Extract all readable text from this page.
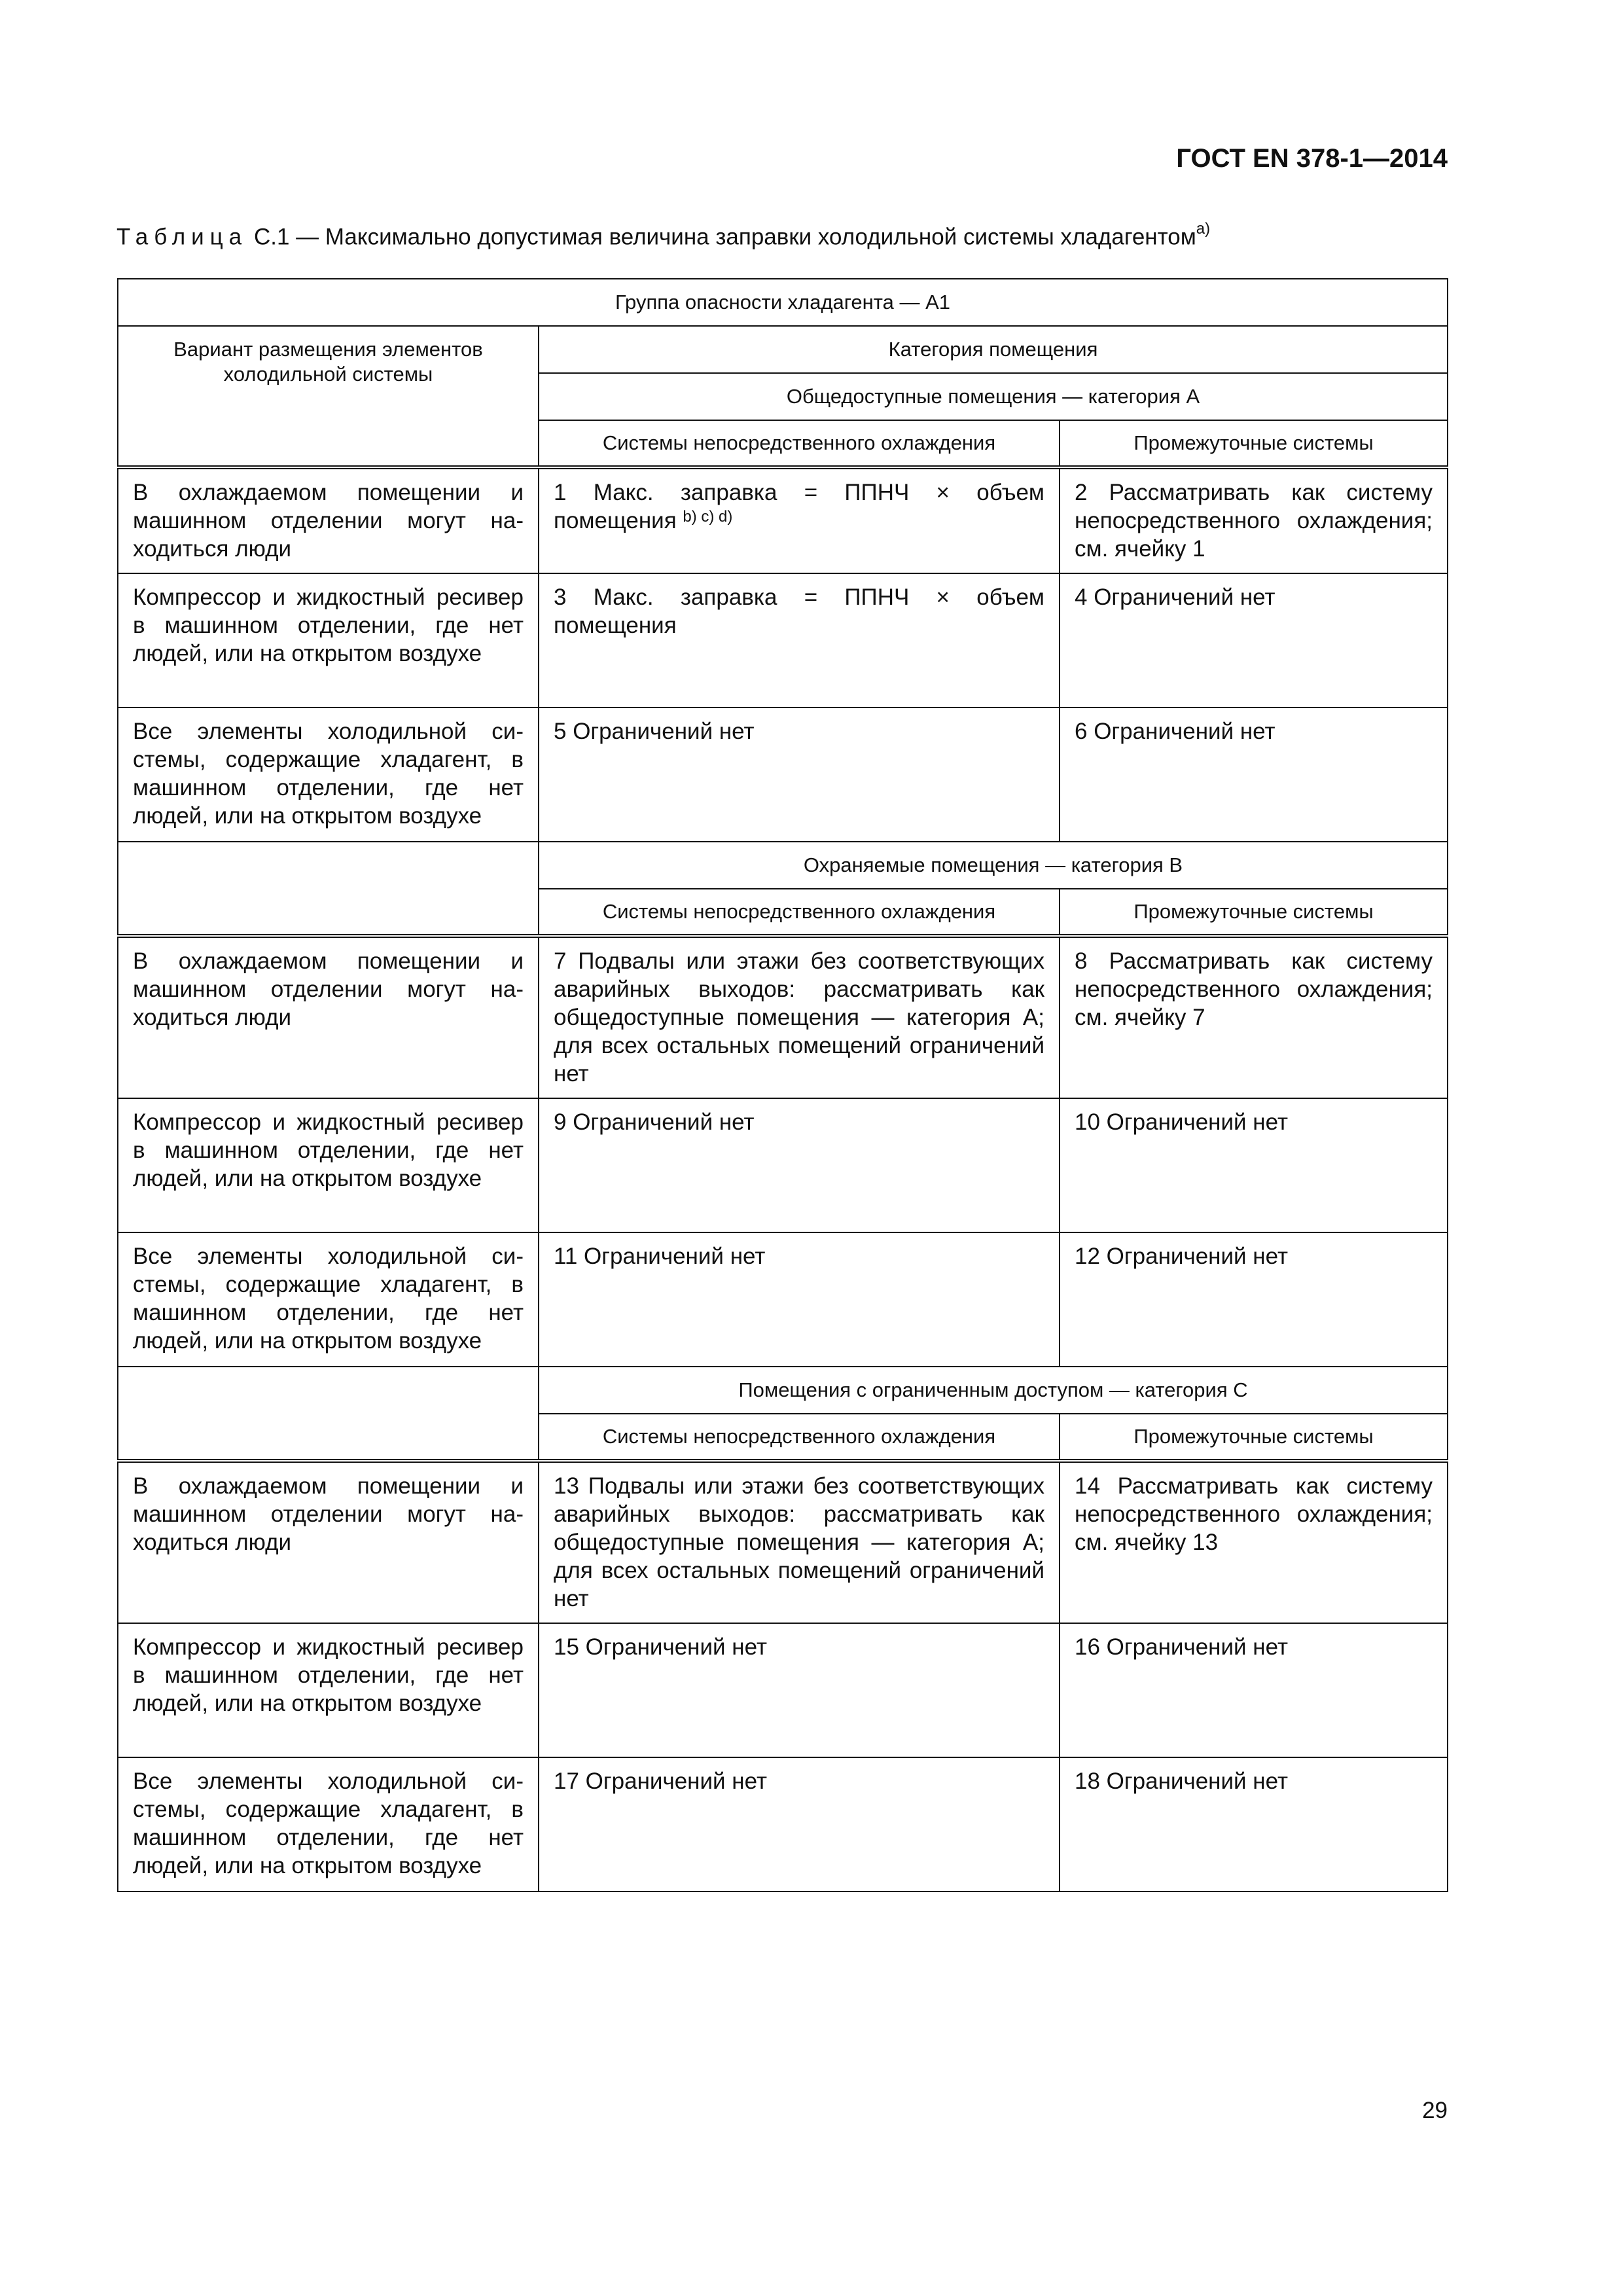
ГОСТ EN 378-1—2014
Таблица С.1 — Максимально допустимая величина заправки холодильной системы хладагентом$^{a)}$
Группа опасности хладагента — A1		
Вариант размещения элементов холодильной системы	Категория помещения	
	Общедоступные помещения — категория A	
	Системы непосредственного охлаждения	Промежуточные системы
В охлаждаемом помещении и машинном отделении могут находиться люди	1 Макс. заправка = ППНЧ × объем помещения $^{b) c) d)}$	2 Рассматривать как систему непосредственного охлаждения; см. ячейку 1
Компрессор и жидкостный ресивер в машинном отделении, где нет людей, или на открытом воздухе	3 Макс. заправка = ППНЧ × объем помещения	4 Ограничений нет
Все элементы холодильной системы, содержащие хладагент, в машинном отделении, где нет людей, или на открытом воздухе	5 Ограничений нет	6 Ограничений нет
	Охраняемые помещения — категория B	
	Системы непосредственного охлаждения	Промежуточные системы
В охлаждаемом помещении и машинном отделении могут находиться люди	7 Подвалы или этажи без соответствующих аварийных выходов: рассматривать как общедоступные помещения — категория A; для всех остальных помещений ограничений нет	8 Рассматривать как систему непосредственного охлаждения; см. ячейку 7
Компрессор и жидкостный ресивер в машинном отделении, где нет людей, или на открытом воздухе	9 Ограничений нет	10 Ограничений нет
Все элементы холодильной системы, содержащие хладагент, в машинном отделении, где нет людей, или на открытом воздухе	11 Ограничений нет	12 Ограничений нет
	Помещения с ограниченным доступом — категория C	
	Системы непосредственного охлаждения	Промежуточные системы
В охлаждаемом помещении и машинном отделении могут находиться люди	13 Подвалы или этажи без соответствующих аварийных выходов: рассматривать как общедоступные помещения — категория A; для всех остальных помещений ограничений нет	14 Рассматривать как систему непосредственного охлаждения; см. ячейку 13
Компрессор и жидкостный ресивер в машинном отделении, где нет людей, или на открытом воздухе	15 Ограничений нет	16 Ограничений нет
Все элементы холодильной системы, содержащие хладагент, в машинном отделении, где нет людей, или на открытом воздухе	17 Ограничений нет	18 Ограничений нет
29
